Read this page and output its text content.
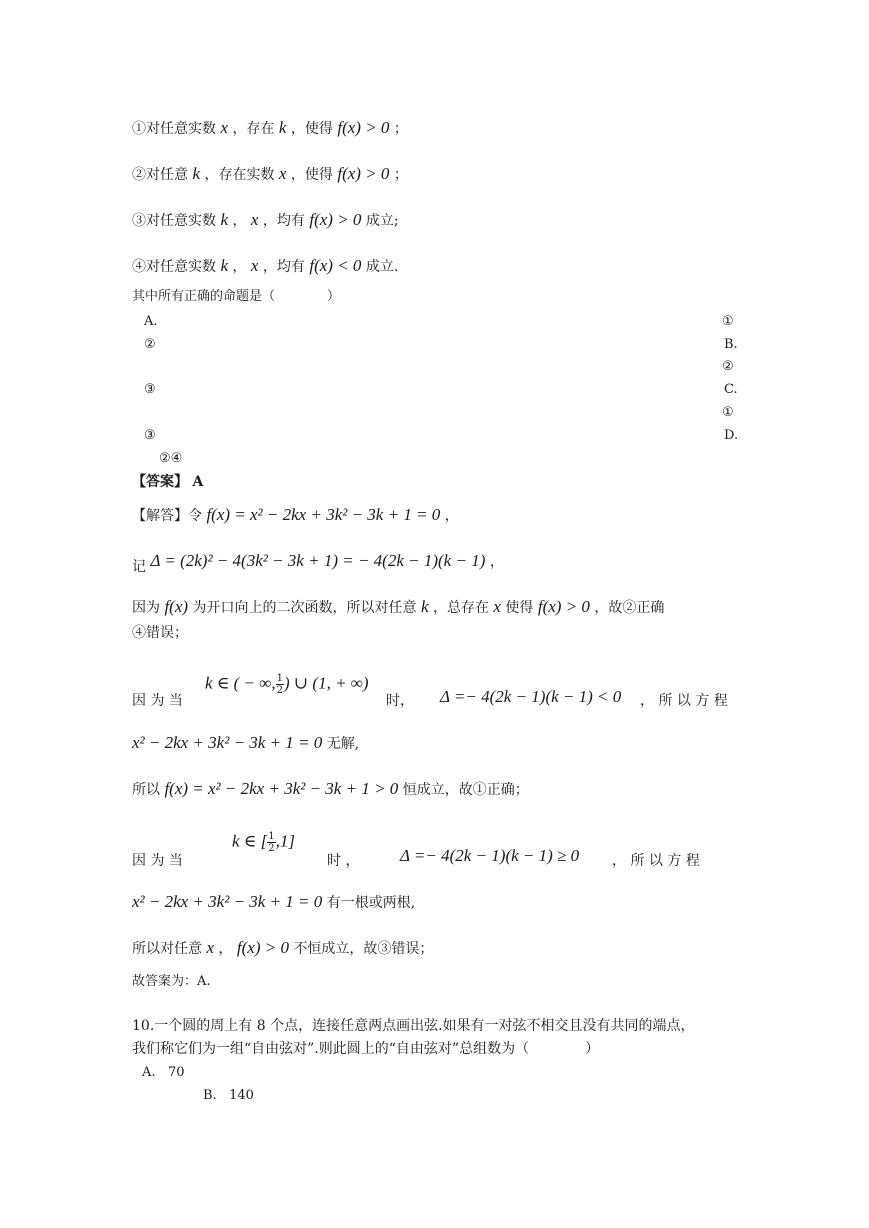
①对任意实数 x ，存在 k ，使得 f(x) > 0 ；
②对任意 k ，存在实数 x ，使得 f(x) > 0 ；
③对任意实数 k ， x ，均有 f(x) > 0 成立;
④对任意实数 k ， x ，均有 f(x) < 0 成立.
其中所有正确的命题是（　　　　）
A.	①
②	B.
②
③	C.
①
③	D.
②④
【答案】 A
【解答】令 f(x) = x² − 2kx + 3k² − 3k + 1 = 0 ，
记 Δ = (2k)² − 4(3k² − 3k + 1) = − 4(2k − 1)(k − 1) ，
因为 f(x) 为开口向上的二次函数，所以对任意 k ，总存在 x 使得 f(x) > 0 ，故②正确
④错误；
因 为 当
k ∈ ( − ∞, $\frac{1}{2}$ ) ∪ (1, + ∞)
时， Δ =− 4(2k − 1)(k − 1) < 0 ， 所 以 方 程
x² − 2kx + 3k² − 3k + 1 = 0 无解,
所以 f(x) = x² − 2kx + 3k² − 3k + 1 > 0 恒成立，故①正确；
因 为 当
k ∈ [ $\frac{1}{2} ,1$]
时 ， Δ =− 4(2k − 1)(k − 1) ≥ 0 ， 所 以 方 程
x² − 2kx + 3k² − 3k + 1 = 0 有一根或两根,
所以对任意 x ， f(x) > 0 不恒成立，故③错误；
故答案为：A.
10.一个圆的周上有 8 个点，连接任意两点画出弦.如果有一对弦不相交且没有共同的端点，
我们称它们为一组“自由弦对”.则此圆上的“自由弦对”总组数为（　　　　）
A. 70
B. 140
